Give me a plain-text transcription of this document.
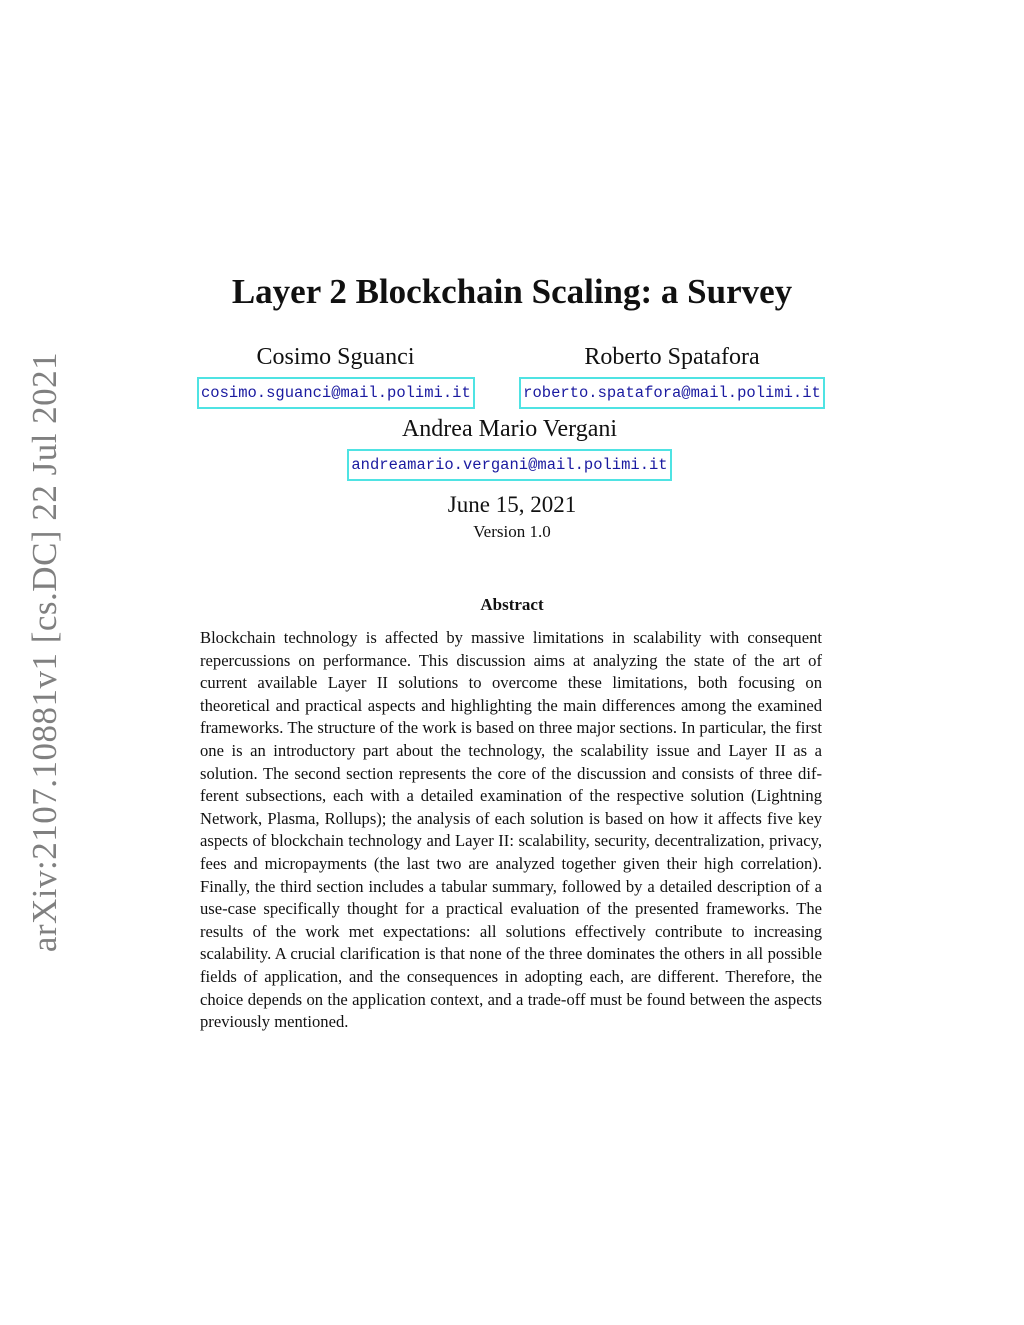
arXiv:2107.10881v1 [cs.DC] 22 Jul 2021
Layer 2 Blockchain Scaling: a Survey
Cosimo Sguanci
cosimo.sguanci@mail.polimi.it
Roberto Spatafora
roberto.spatafora@mail.polimi.it
Andrea Mario Vergani
andreamario.vergani@mail.polimi.it
June 15, 2021
Version 1.0
Abstract
Blockchain technology is affected by massive limitations in scalability with consequent repercussions on performance. This discussion aims at analyzing the state of the art of current available Layer II solutions to overcome these limitations, both focusing on theoretical and practical aspects and highlighting the main differences among the examined frameworks. The structure of the work is based on three major sections. In particular, the first one is an introductory part about the technology, the scalability issue and Layer II as a solution. The second section represents the core of the discussion and consists of three different subsections, each with a detailed examination of the respective solution (Lightning Network, Plasma, Rollups); the analysis of each solution is based on how it affects five key aspects of blockchain technology and Layer II: scalability, security, decentralization, privacy, fees and micropayments (the last two are analyzed together given their high correlation). Finally, the third section includes a tabular summary, followed by a detailed description of a use-case specifically thought for a practical evaluation of the presented frameworks. The results of the work met expectations: all solutions effectively contribute to increasing scalability. A crucial clarification is that none of the three dominates the others in all possible fields of application, and the consequences in adopting each, are different. Therefore, the choice depends on the application context, and a trade-off must be found between the aspects previously mentioned.
